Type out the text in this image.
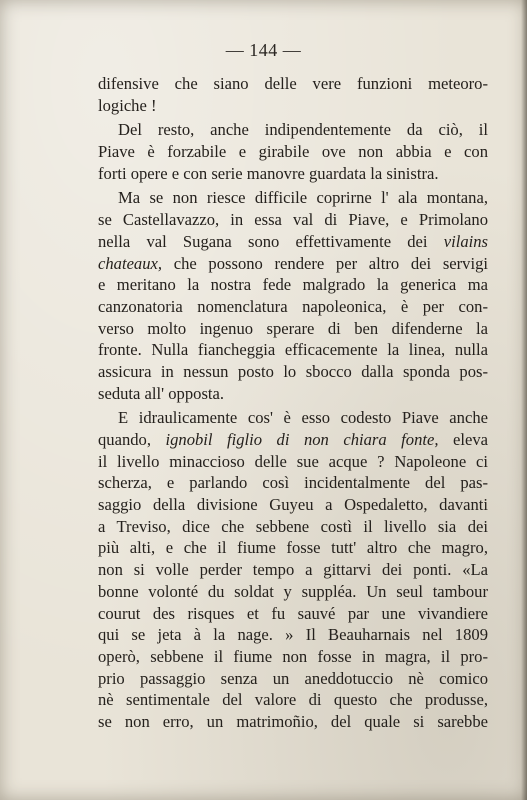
— 144 —
difensive che siano delle vere funzioni meteoro-
logiche !
Del resto, anche indipendentemente da ciò, il
Piave è forzabile e girabile ove non abbia e con
forti opere e con serie manovre guardata la sinistra.
Ma se non riesce difficile coprirne l' ala montana,
se Castellavazzo, in essa val di Piave, e Primolano
nella val Sugana sono effettivamente dei vilains
chateaux, che possono rendere per altro dei servigi
e meritano la nostra fede malgrado la generica ma
canzonatoria nomenclatura napoleonica, è per con-
verso molto ingenuo sperare di ben difenderne la
fronte. Nulla fiancheggia efficacemente la linea, nulla
assicura in nessun posto lo sbocco dalla sponda pos-
seduta all' opposta.
E idraulicamente cos' è esso codesto Piave anche
quando, ignobil figlio di non chiara fonte, eleva
il livello minaccioso delle sue acque ? Napoleone ci
scherza, e parlando così incidentalmente del pas-
saggio della divisione Guyeu a Ospedaletto, davanti
a Treviso, dice che sebbene costì il livello sia dei
più alti, e che il fiume fosse tutt' altro che magro,
non si volle perder tempo a gittarvi dei ponti. «La
bonne volonté du soldat y suppléa. Un seul tambour
courut des risques et fu sauvé par une vivandiere
qui se jeta à la nage. » Il Beauharnais nel 1809
operò, sebbene il fiume non fosse in magra, il pro-
prio passaggio senza un aneddotuccio nè comico
nè sentimentale del valore di questo che produsse,
se non erro, un matrimoñio, del quale si sarebbe
